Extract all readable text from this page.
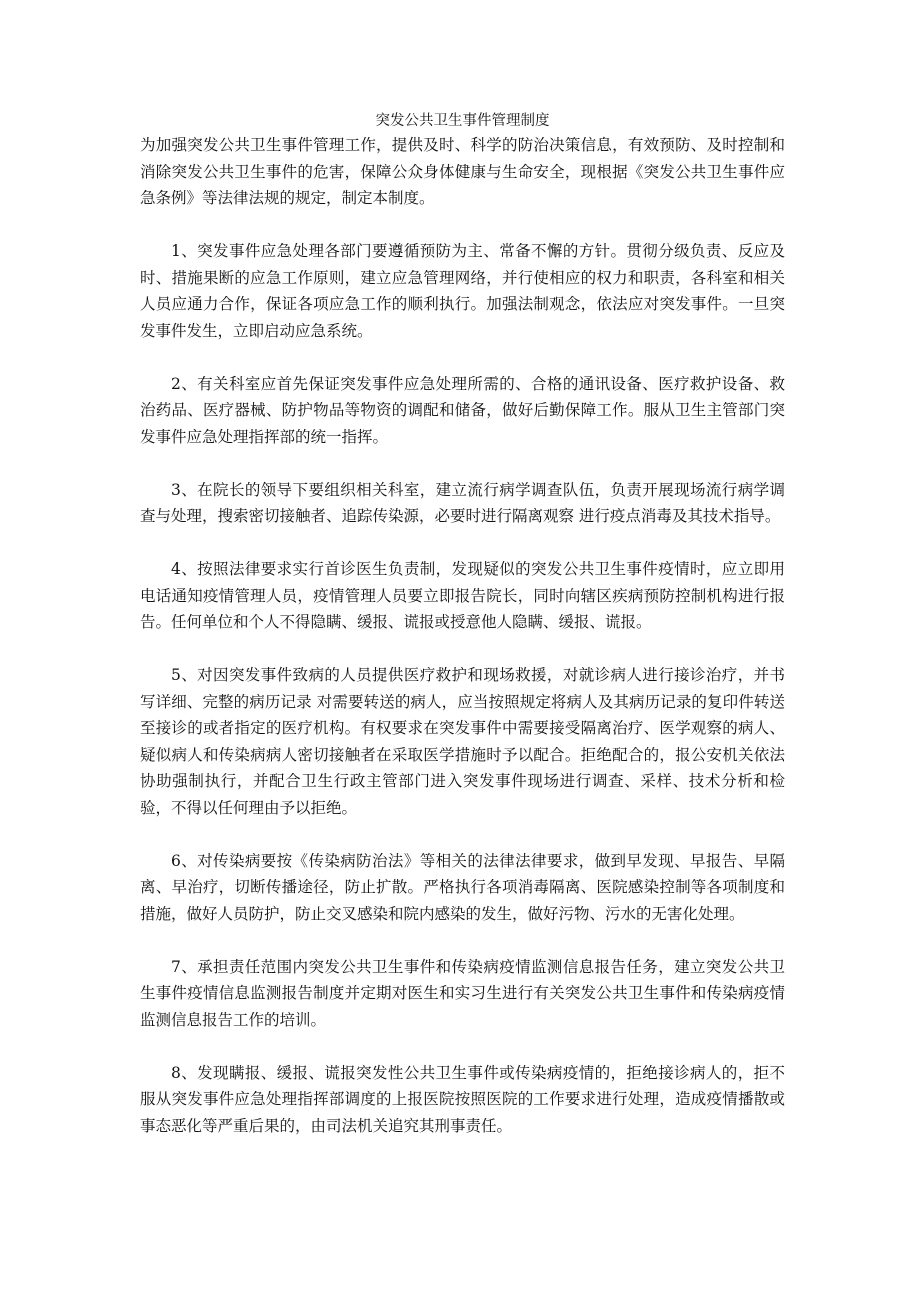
突发公共卫生事件管理制度

为加强突发公共卫生事件管理工作，提供及时、科学的防治决策信息，有效预防、及时控制和消除突发公共卫生事件的危害，保障公众身体健康与生命安全，现根据《突发公共卫生事件应急条例》等法律法规的规定，制定本制度。

1、突发事件应急处理各部门要遵循预防为主、常备不懈的方针。贯彻分级负责、反应及时、措施果断的应急工作原则，建立应急管理网络，并行使相应的权力和职责，各科室和相关人员应通力合作，保证各项应急工作的顺利执行。加强法制观念，依法应对突发事件。一旦突发事件发生，立即启动应急系统。

2、有关科室应首先保证突发事件应急处理所需的、合格的通讯设备、医疗救护设备、救治药品、医疗器械、防护物品等物资的调配和储备，做好后勤保障工作。服从卫生主管部门突发事件应急处理指挥部的统一指挥。

3、在院长的领导下要组织相关科室，建立流行病学调查队伍，负责开展现场流行病学调查与处理，搜索密切接触者、追踪传染源，必要时进行隔离观察 进行疫点消毒及其技术指导。

4、按照法律要求实行首诊医生负责制，发现疑似的突发公共卫生事件疫情时，应立即用电话通知疫情管理人员，疫情管理人员要立即报告院长，同时向辖区疾病预防控制机构进行报告。任何单位和个人不得隐瞒、缓报、谎报或授意他人隐瞒、缓报、谎报。

5、对因突发事件致病的人员提供医疗救护和现场救援，对就诊病人进行接诊治疗，并书写详细、完整的病历记录 对需要转送的病人，应当按照规定将病人及其病历记录的复印件转送至接诊的或者指定的医疗机构。有权要求在突发事件中需要接受隔离治疗、医学观察的病人、疑似病人和传染病病人密切接触者在采取医学措施时予以配合。拒绝配合的，报公安机关依法协助强制执行，并配合卫生行政主管部门进入突发事件现场进行调查、采样、技术分析和检验，不得以任何理由予以拒绝。

6、对传染病要按《传染病防治法》等相关的法律法律要求，做到早发现、早报告、早隔离、早治疗，切断传播途径，防止扩散。严格执行各项消毒隔离、医院感染控制等各项制度和措施，做好人员防护，防止交叉感染和院内感染的发生，做好污物、污水的无害化处理。

7、承担责任范围内突发公共卫生事件和传染病疫情监测信息报告任务，建立突发公共卫生事件疫情信息监测报告制度并定期对医生和实习生进行有关突发公共卫生事件和传染病疫情监测信息报告工作的培训。

8、发现瞒报、缓报、谎报突发性公共卫生事件或传染病疫情的，拒绝接诊病人的，拒不服从突发事件应急处理指挥部调度的上报医院按照医院的工作要求进行处理，造成疫情播散或事态恶化等严重后果的，由司法机关追究其刑事责任。
